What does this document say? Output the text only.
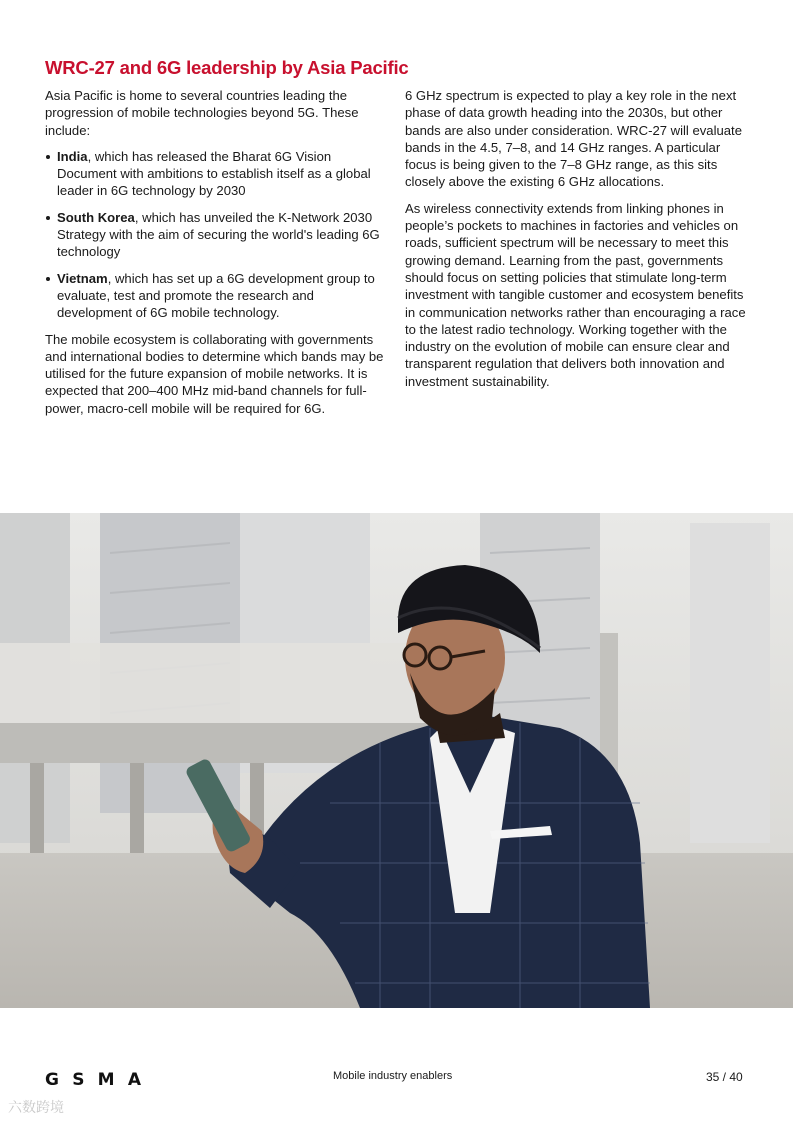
WRC-27 and 6G leadership by Asia Pacific

Asia Pacific is home to several countries leading the progression of mobile technologies beyond 5G. These include:

India, which has released the Bharat 6G Vision Document with ambitions to establish itself as a global leader in 6G technology by 2030
South Korea, which has unveiled the K-Network 2030 Strategy with the aim of securing the world's leading 6G technology
Vietnam, which has set up a 6G development group to evaluate, test and promote the research and development of 6G mobile technology.

The mobile ecosystem is collaborating with governments and international bodies to determine which bands may be utilised for the future expansion of mobile networks. It is expected that 200–400 MHz mid-band channels for full-power, macro-cell mobile will be required for 6G.

6 GHz spectrum is expected to play a key role in the next phase of data growth heading into the 2030s, but other bands are also under consideration. WRC-27 will evaluate bands in the 4.5, 7–8, and 14 GHz ranges. A particular focus is being given to the 7–8 GHz range, as this sits closely above the existing 6 GHz allocations.

As wireless connectivity extends from linking phones in people’s pockets to machines in factories and vehicles on roads, sufficient spectrum will be necessary to meet this growing demand. Learning from the past, governments should focus on setting policies that stimulate long-term investment with tangible customer and ecosystem benefits in communication networks rather than encouraging a race to the latest radio technology. Working together with the industry on the evolution of mobile can ensure clear and transparent regulation that delivers both innovation and investment sustainability.

GSMA	Mobile industry enablers	35 / 40
六数跨境
